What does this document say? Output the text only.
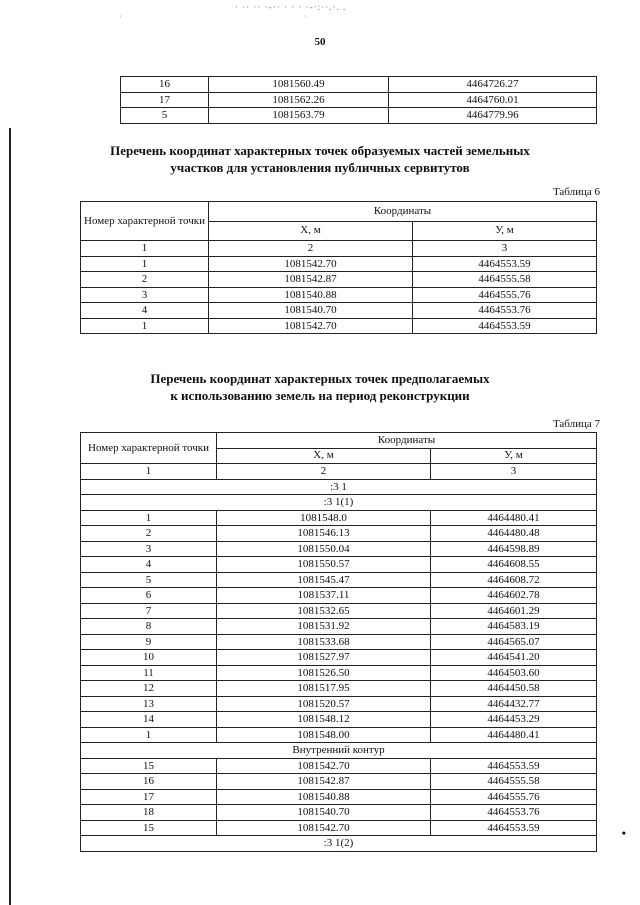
· ·· ·· ·-·· · · · ·-·:··.·. .
'	'
50
•
16	1081560.49	4464726.27
17	1081562.26	4464760.01
5	1081563.79	4464779.96
Перечень координат характерных точек образуемых частей земельных
участков для установления публичных сервитутов
Таблица 6
Номер характерной точки	Координаты	
	Х, м	У, м
1	2	3
1	1081542.70	4464553.59
2	1081542.87	4464555.58
3	1081540.88	4464555.76
4	1081540.70	4464553.76
1	1081542.70	4464553.59
Перечень координат характерных точек предполагаемых
к использованию земель на период реконструкции
Таблица 7
Номер характерной точки	Координаты	
	Х, м	У, м
1	2	3
:3 1		
:3 1(1)		
1	1081548.0	4464480.41
2	1081546.13	4464480.48
3	1081550.04	4464598.89
4	1081550.57	4464608.55
5	1081545.47	4464608.72
6	1081537.11	4464602.78
7	1081532.65	4464601.29
8	1081531.92	4464583.19
9	1081533.68	4464565.07
10	1081527.97	4464541.20
11	1081526.50	4464503.60
12	1081517.95	4464450.58
13	1081520.57	4464432.77
14	1081548.12	4464453.29
1	1081548.00	4464480.41
Внутренний контур		
15	1081542.70	4464553.59
16	1081542.87	4464555.58
17	1081540.88	4464555.76
18	1081540.70	4464553.76
15	1081542.70	4464553.59
:3 1(2)		
